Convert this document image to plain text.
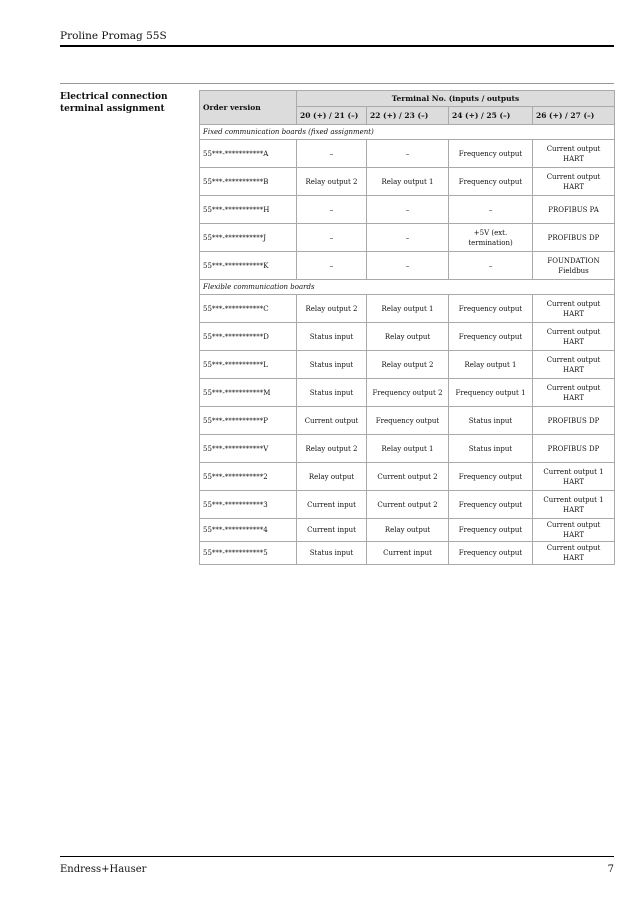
Proline Promag 55S
Electrical connection
terminal assignment	Order version	Terminal No. (inputs / outputs			
	20 (+) / 21 (–)	22 (+) / 23 (–)	24 (+) / 25 (–)	26 (+) / 27 (–)
Fixed communication boards (fixed assignment)				
55***-***********A	–	–	Frequency output	Current output
HART

55***-***********B	Relay output 2	Relay output 1	Frequency output	Current output
HART

55***-***********H	–	–	–	PROFIBUS PA

55***-***********J	–	–	+5V (ext. termination)	PROFIBUS DP

55***-***********K	–	–	–	FOUNDATION
Fieldbus

Flexible communication boards				
55***-***********C	Relay output 2	Relay output 1	Frequency output	Current output
HART

55***-***********D	Status input	Relay output	Frequency output	Current output
HART

55***-***********L	Status input	Relay output 2	Relay output 1	Current output
HART

55***-***********M	Status input	Frequency output 2	Frequency output 1	Current output
HART

55***-***********P	Current output	Frequency output	Status input	PROFIBUS DP

55***-***********V	Relay output 2	Relay output 1	Status input	PROFIBUS DP

55***-***********2	Relay output	Current output 2	Frequency output	Current output 1
HART

55***-***********3	Current input	Current output 2	Frequency output	Current output 1
HART

55***-***********4	Current input	Relay output	Frequency output	Current output
HART

55***-***********5	Status input	Current input	Frequency output	Current output
HART
Endress+Hauser	7
